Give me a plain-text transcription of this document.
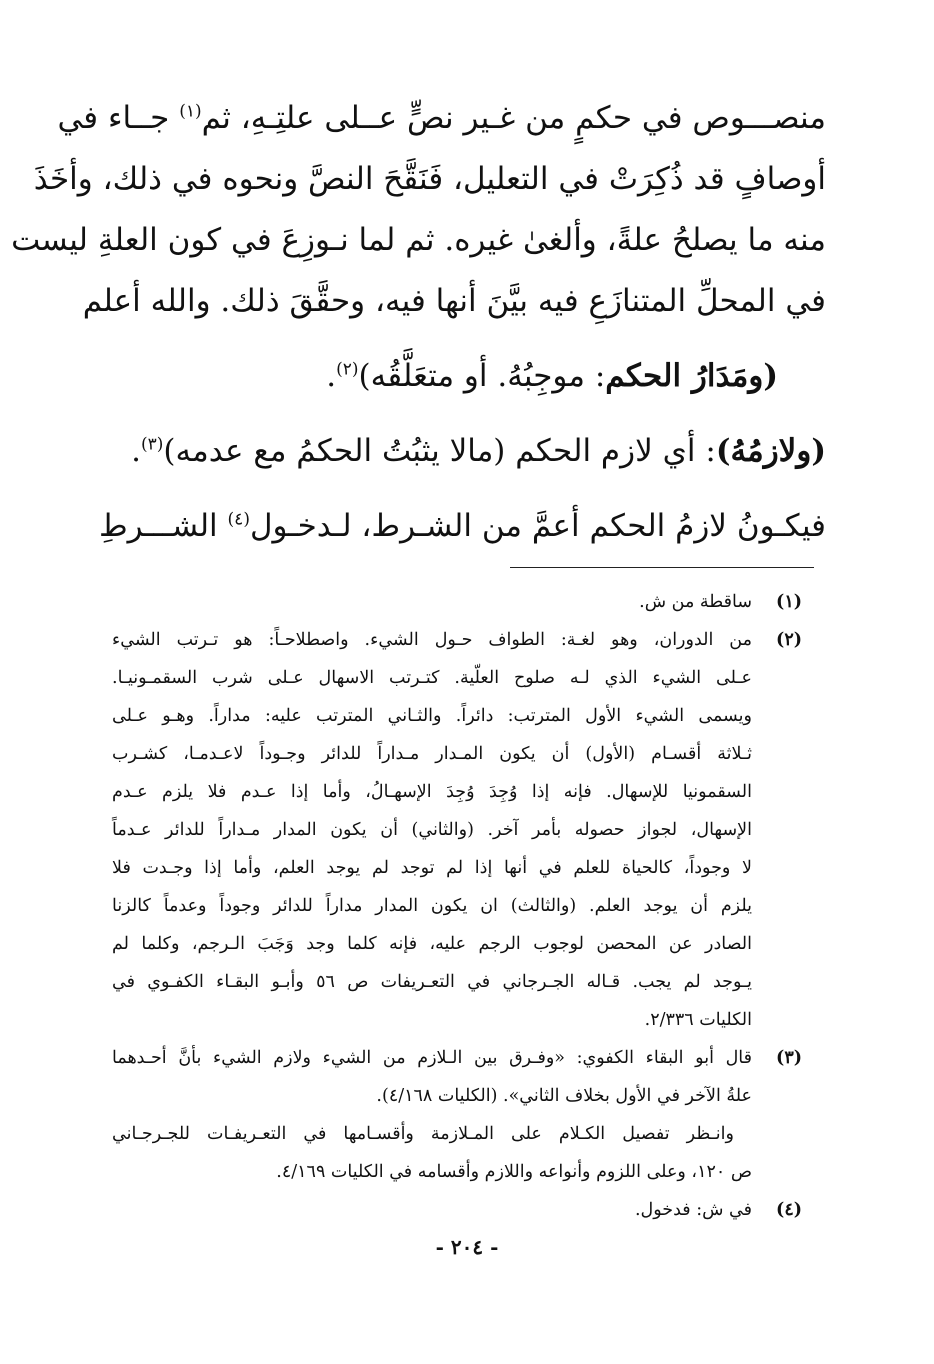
منصـــوص في حكمٍ من غـير نصٍّ عــلى علتِـهِ، ثم$^{(١)}$ جــاء في
أوصافٍ قد ذُكِرَتْ في التعليل، فَنَقَّحَ النصَّ ونحوه في ذلك، وأخَذَ
منه ما يصلحُ علةً، وألغىٰ غيره. ثم لما نـوزِعَ في كون العلةِ ليست
في المحلِّ المتنازَعِ فيه بيَّنَ أنها فيه، وحقَّقَ ذلك. والله أعلم
(ومَدَارُ الحكم: موجِبُهُ. أو متعَلَّقُه)$^{(٢)}$.
(ولازمُهُ): أي لازم الحكم (مالا يثبُتُ الحكمُ مع عدمه)$^{(٣)}$.
فيكـونُ لازمُ الحكم أعمَّ من الشـرط، لـدخـول$^{(٤)}$ الشـــرطِ
(١)
ساقطة من ش.
(٢)
من الدوران، وهو لغـة: الطواف حـول الشيء. واصطلاحـاً: هو تـرتب الشيء
عـلى الشيء الذي لـه صلوح العلّية. كتـرتب الاسهال عـلى شرب السقمـونيـا.
ويسمى الشيء الأول المترتب: دائراً. والثـاني المترتب عليه: مداراً. وهـو عـلى
ثـلاثة أقسـام (الأول) أن يكون المـدار مـداراً للدائر وجـوداً لاعـدمـا، كشـرب
السقمونيا للإسهال. فإنه إذا وُجِدَ وُجِدَ الإسهـالُ، وأما إذا عـدم فلا يلزم عـدم
الإسهال، لجواز حصوله بأمر آخر. (والثاني) أن يكون المدار مـداراً للدائر عـدماً
لا وجوداً، كالحياة للعلم في أنها إذا لم توجد لم يوجد العلم، وأما إذا وجـدت فلا
يلزم أن يوجد العلم. (والثالث) ان يكون المدار مداراً للدائر وجوداً وعدماً كالزنا
الصادر عن المحصن لوجوب الرجم عليه، فإنه كلما وجد وَجَبَ الـرجم، وكلما لم
يـوجد لم يجب. قـاله الجـرجاني في التعـريفات ص ٥٦ وأبـو البقـاء الكفـوي في
الكليات ٢/٣٣٦.
(٣)
قال أبو البقاء الكفوي: «وفـرق بين الـلازم من الشيء ولازم الشيء بأنَّ أحـدهما
علةُ الآخر في الأول بخلاف الثاني». (الكليات ٤/١٦٨).
وانـظر تفصيل الكـلام على المـلازمة وأقسـامها في التعـريفـات للجـرجـاني
ص ١٢٠، وعلى اللزوم وأنواعه واللازم وأقسامه في الكليات ٤/١٦٩.
(٤)
في ش: فدخول.
- ٢٠٤ -
